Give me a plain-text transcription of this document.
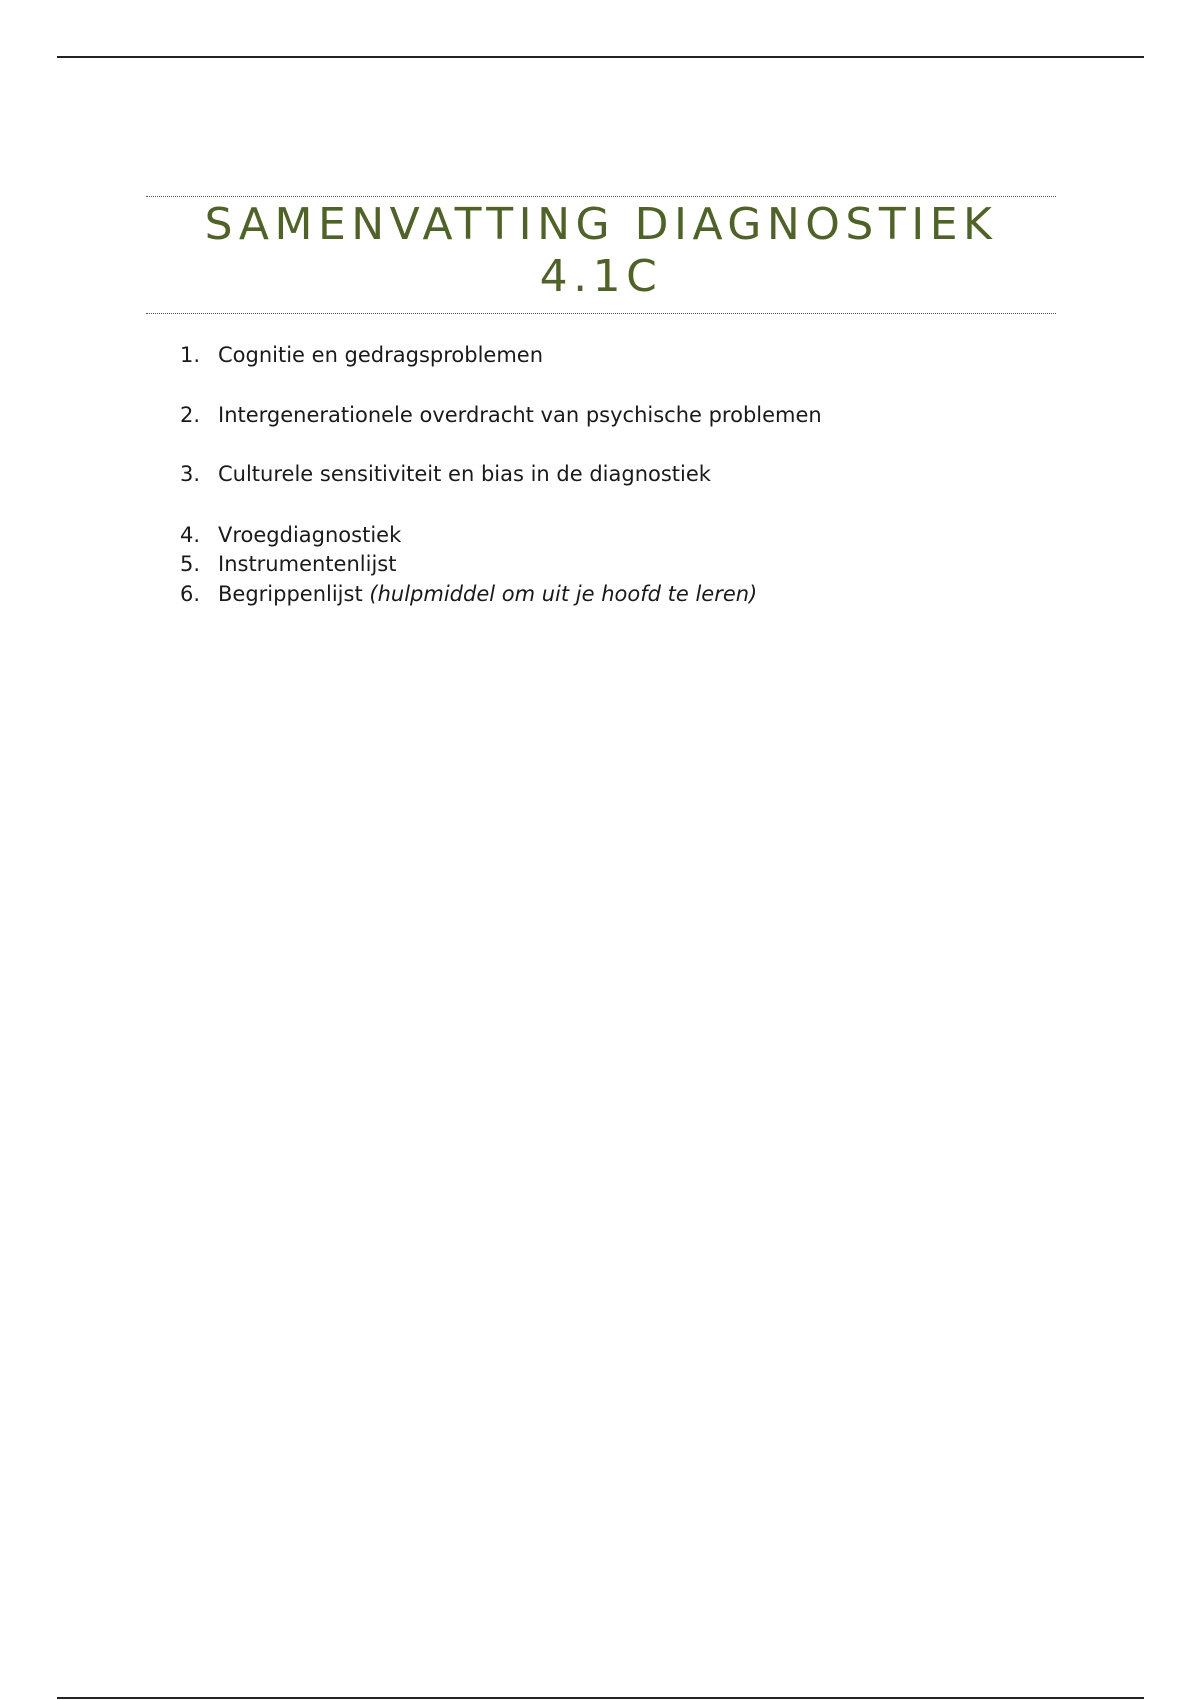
SAMENVATTING DIAGNOSTIEK
4.1C
1. Cognitie en gedragsproblemen
2. Intergenerationele overdracht van psychische problemen
3. Culturele sensitiviteit en bias in de diagnostiek
4. Vroegdiagnostiek
5. Instrumentenlijst
6. Begrippenlijst (hulpmiddel om uit je hoofd te leren)
